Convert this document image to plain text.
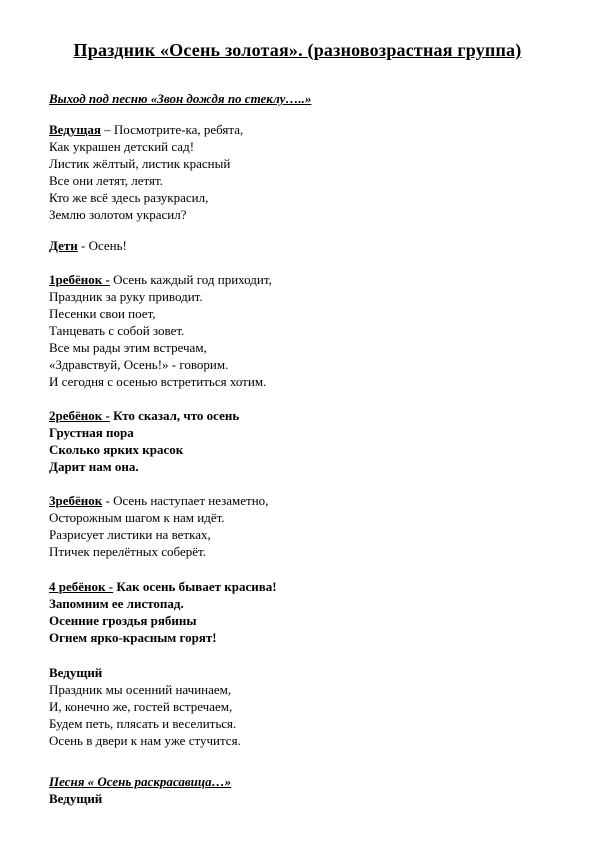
Праздник «Осень золотая». (разновозрастная группа)
Выход под песню «Звон дождя по стеклу…..»
Ведущая – Посмотрите-ка, ребята,
Как украшен детский сад!
Листик жёлтый, листик красный
Все они летят, летят.
Кто же всё здесь разукрасил,
Землю золотом украсил?
Дети - Осень!
1ребёнок - Осень каждый год приходит,
Праздник за руку приводит.
Песенки свои поет,
Танцевать с собой зовет.
Все мы рады этим встречам,
«Здравствуй, Осень!» - говорим.
И сегодня с осенью встретиться хотим.
2ребёнок - Кто сказал, что осень
Грустная пора
Сколько ярких красок
Дарит нам она.
3ребёнок - Осень наступает незаметно,
Осторожным шагом к нам идёт.
Разрисует листики на ветках,
Птичек перелётных соберёт.
4 ребёнок - Как осень бывает красива!
Запомним ее листопад.
Осенние гроздья рябины
Огнем ярко-красным горят!
Ведущий
Праздник мы осенний начинаем,
И, конечно же, гостей встречаем,
Будем петь, плясать и веселиться.
Осень в двери к нам уже стучится.
Песня « Осень раскрасавица…»
Ведущий
